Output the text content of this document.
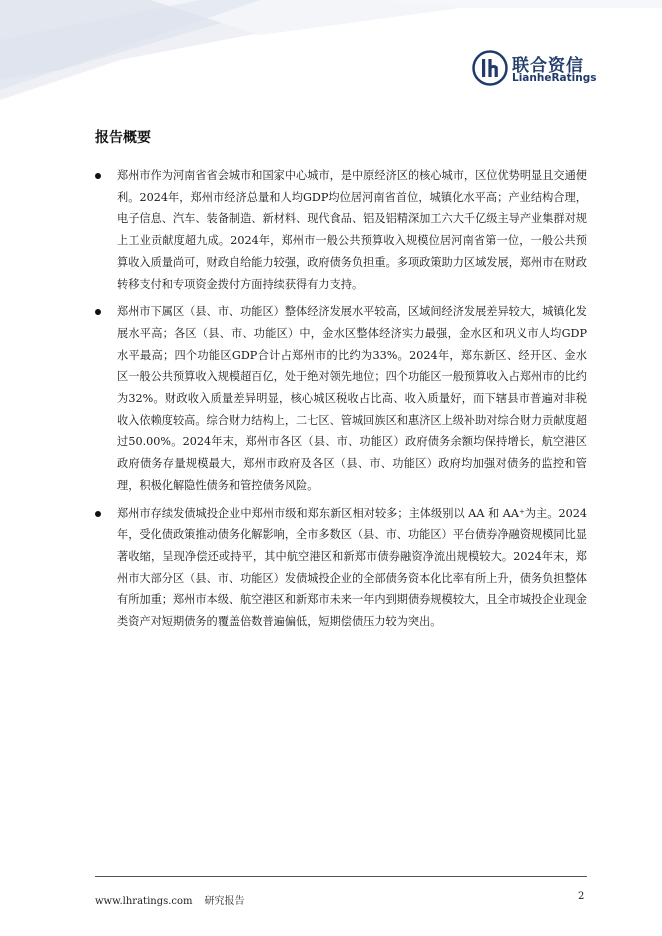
联合资信
LianheRatings
报告概要
郑州市作为河南省省会城市和国家中心城市，是中原经济区的核心城市，区位优势明显且交通便利。2024年，郑州市经济总量和人均GDP均位居河南省首位，城镇化水平高；产业结构合理，电子信息、汽车、装备制造、新材料、现代食品、铝及铝精深加工六大千亿级主导产业集群对规上工业贡献度超九成。2024年，郑州市一般公共预算收入规模位居河南省第一位，一般公共预算收入质量尚可，财政自给能力较强，政府债务负担重。多项政策助力区域发展，郑州市在财政转移支付和专项资金拨付方面持续获得有力支持。
郑州市下属区（县、市、功能区）整体经济发展水平较高，区域间经济发展差异较大，城镇化发展水平高；各区（县、市、功能区）中，金水区整体经济实力最强，金水区和巩义市人均GDP水平最高；四个功能区GDP合计占郑州市的比约为33%。2024年，郑东新区、经开区、金水区一般公共预算收入规模超百亿，处于绝对领先地位；四个功能区一般预算收入占郑州市的比约为32%。财政收入质量差异明显，核心城区税收占比高、收入质量好，而下辖县市普遍对非税收入依赖度较高。综合财力结构上，二七区、管城回族区和惠济区上级补助对综合财力贡献度超过50.00%。2024年末，郑州市各区（县、市、功能区）政府债务余额均保持增长，航空港区政府债务存量规模最大，郑州市政府及各区（县、市、功能区）政府均加强对债务的监控和管理，积极化解隐性债务和管控债务风险。
郑州市存续发债城投企业中郑州市级和郑东新区相对较多；主体级别以 AA 和 AA⁺为主。2024年，受化债政策推动债务化解影响，全市多数区（县、市、功能区）平台债券净融资规模同比显著收缩，呈现净偿还或持平，其中航空港区和新郑市债券融资净流出规模较大。2024年末，郑州市大部分区（县、市、功能区）发债城投企业的全部债务资本化比率有所上升，债务负担整体有所加重；郑州市本级、航空港区和新郑市未来一年内到期债券规模较大，且全市城投企业现金类资产对短期债务的覆盖倍数普遍偏低，短期偿债压力较为突出。
www.lhratings.com 研究报告	2
